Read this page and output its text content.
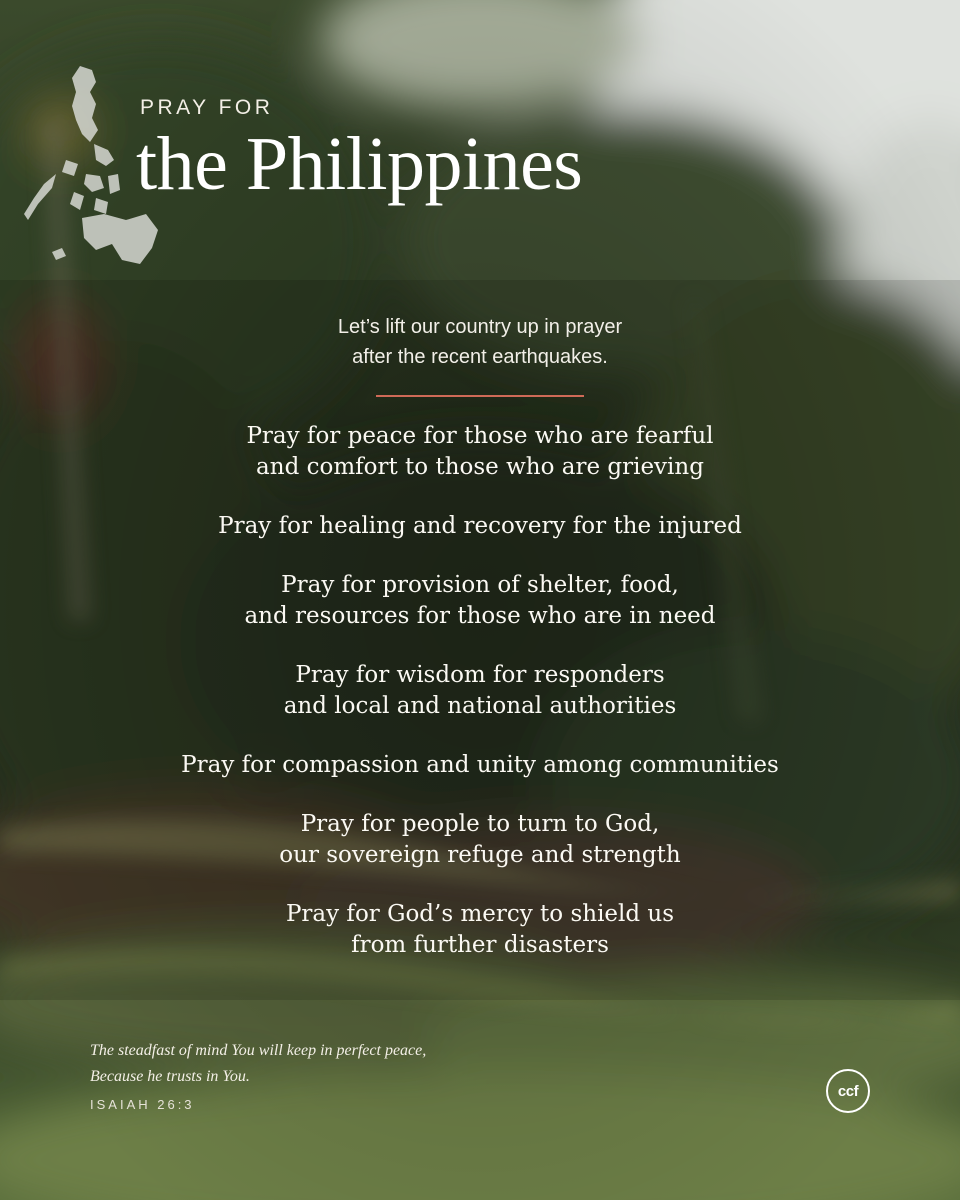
PRAY FOR
the Philippines
Let’s lift our country up in prayer
after the recent earthquakes.
Pray for peace for those who are fearful
and comfort to those who are grieving
Pray for healing and recovery for the injured
Pray for provision of shelter, food,
and resources for those who are in need
Pray for wisdom for responders
and local and national authorities
Pray for compassion and unity among communities
Pray for people to turn to God,
our sovereign refuge and strength
Pray for God’s mercy to shield us
from further disasters
The steadfast of mind You will keep in perfect peace,
Because he trusts in You.
ISAIAH 26:3
ccf
